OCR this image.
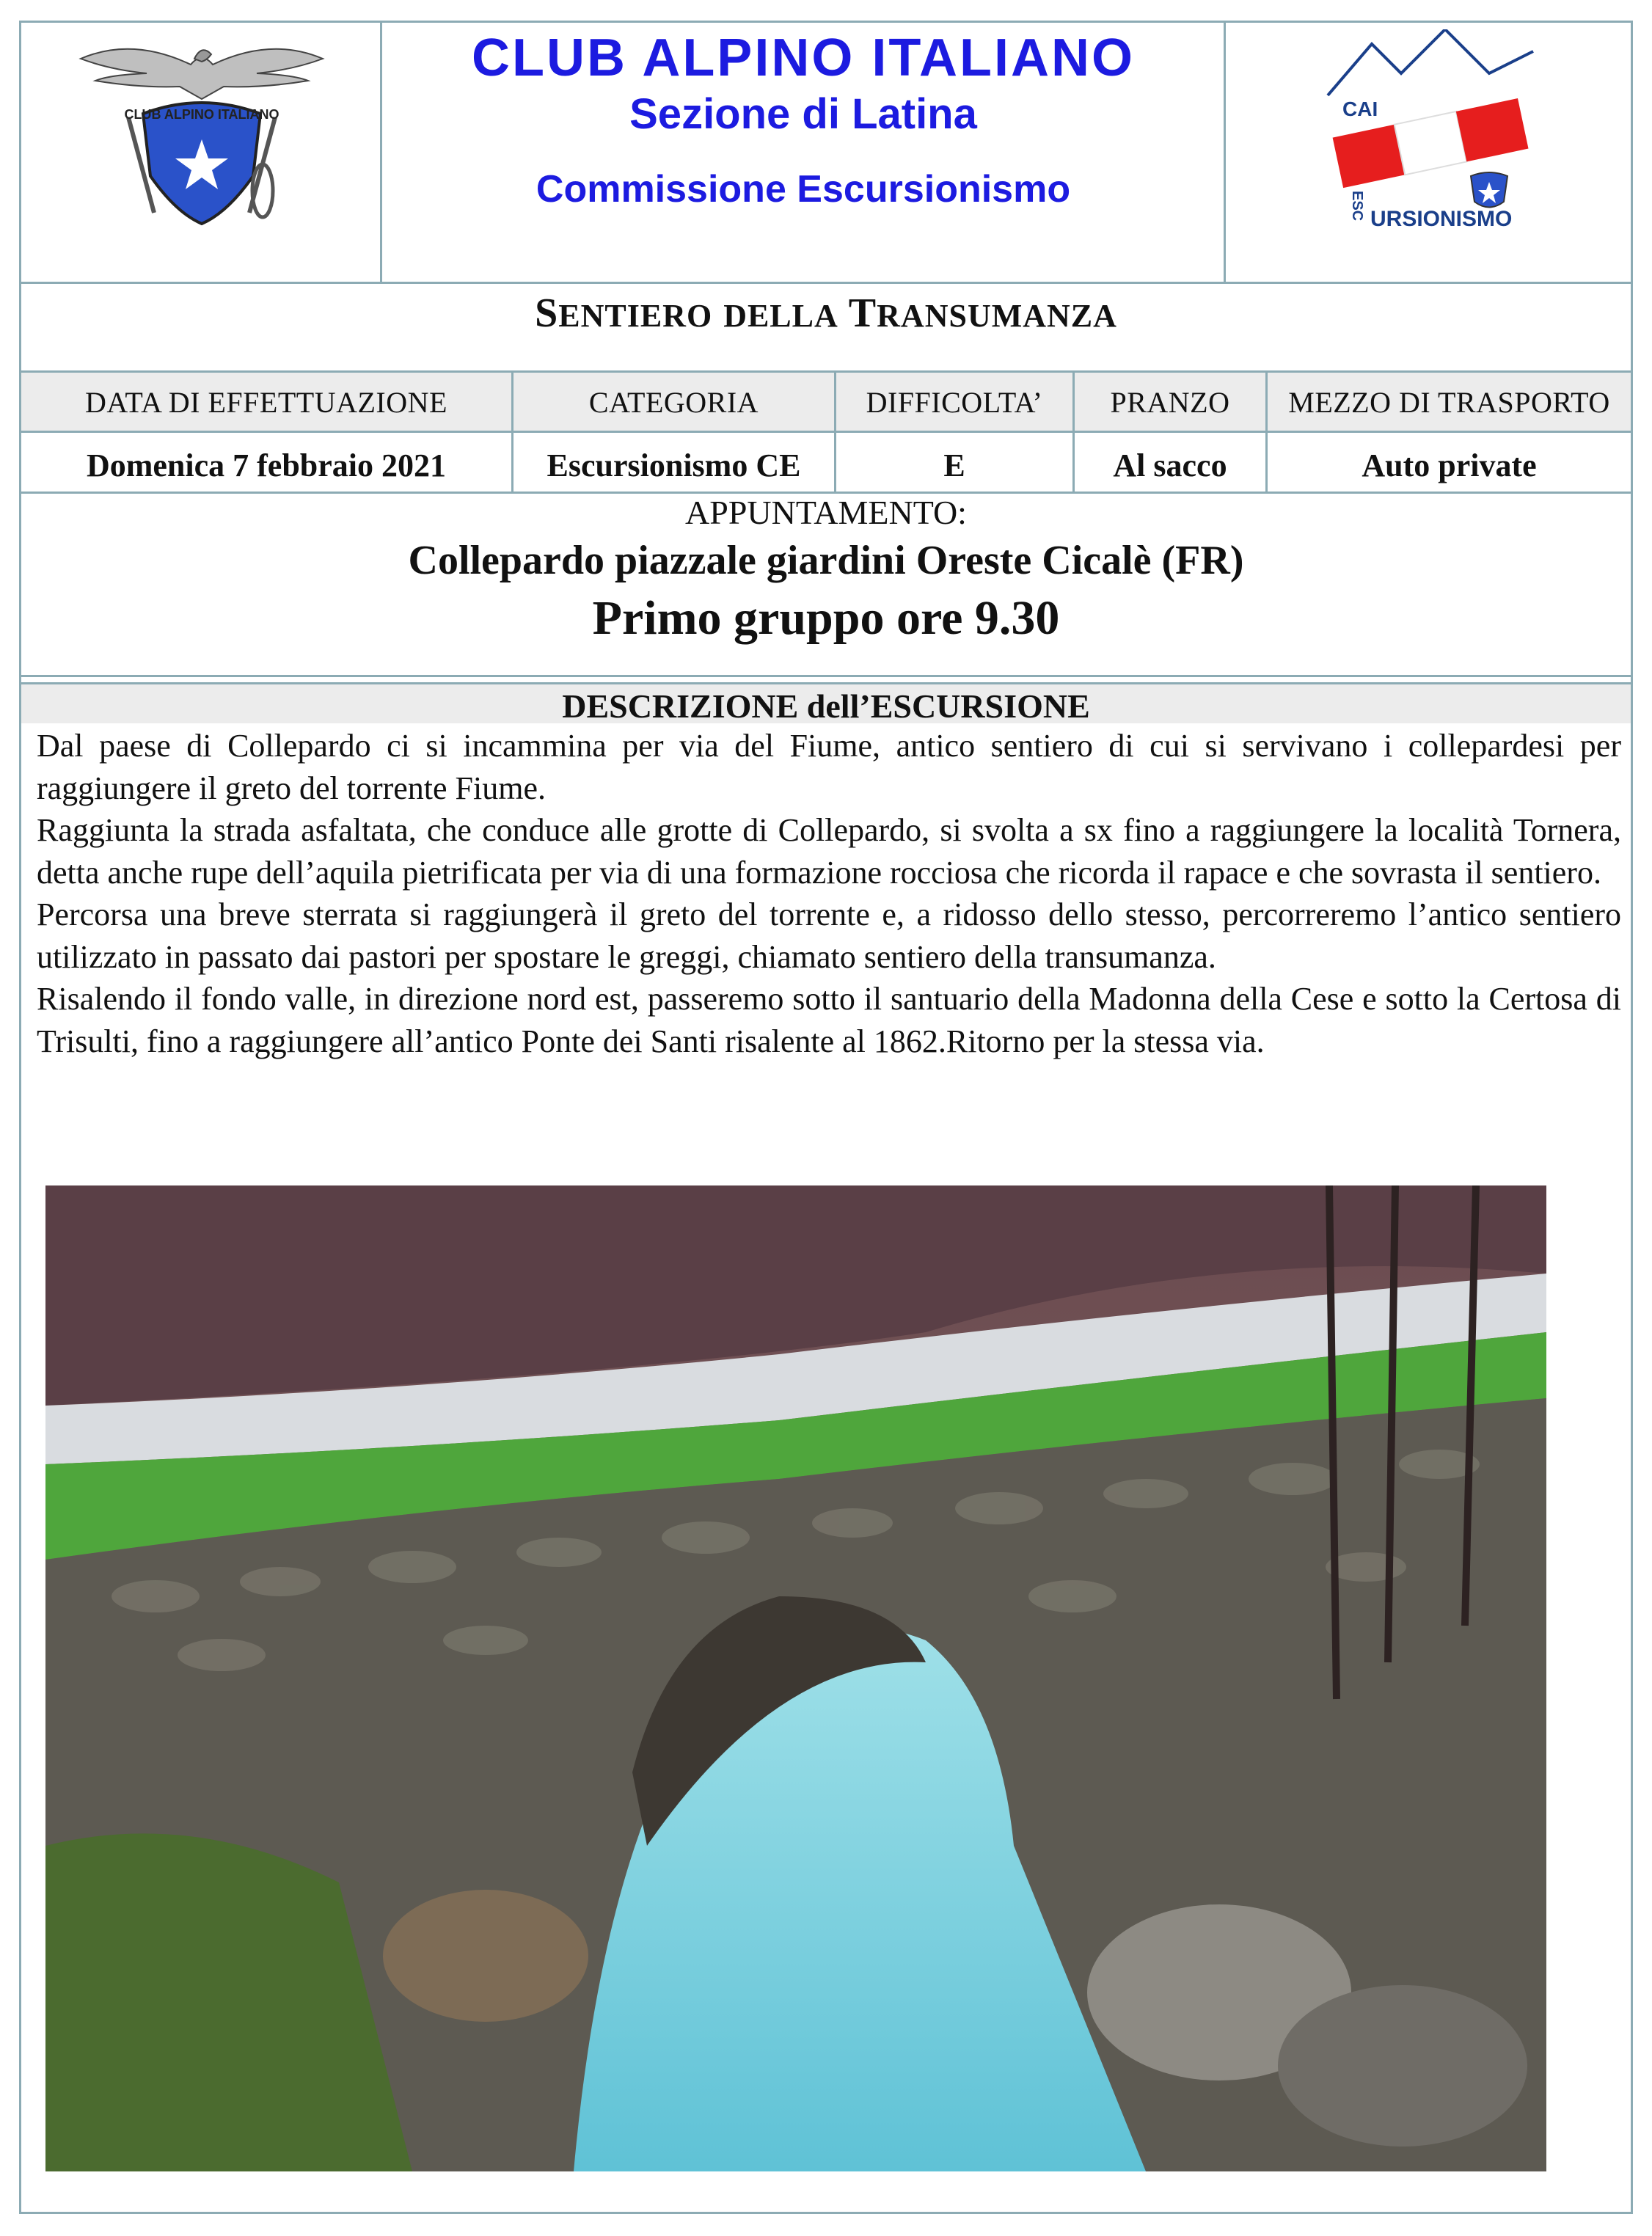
CLUB ALPINO ITALIANO
CLUB ALPINO ITALIANO
Sezione di Latina
Commissione Escursionismo
CAI
ESC URSIONISMO
SENTIERO DELLA TRANSUMANZA
DATA DI EFFETTUAZIONE	CATEGORIA	DIFFICOLTA’	PRANZO	MEZZO DI TRASPORTO
Domenica 7 febbraio 2021	Escursionismo CE	E	Al sacco	Auto private
APPUNTAMENTO:
Collepardo piazzale giardini Oreste Cicalè (FR)
Primo gruppo ore 9.30
DESCRIZIONE dell’ESCURSIONE

Dal paese di Collepardo ci si incammina per via del Fiume, antico sentiero di cui si servivano i collepardesi per raggiungere il greto del torrente Fiume.

Raggiunta la strada asfaltata, che conduce alle grotte di Collepardo, si svolta a sx fino a raggiungere la località Tornera, detta anche rupe dell’aquila pietrificata per via di una formazione rocciosa che ricorda il rapace e che sovrasta il sentiero.

Percorsa una breve sterrata si raggiungerà il greto del torrente e, a ridosso dello stesso, percorreremo l’antico sentiero utilizzato in passato dai pastori per spostare le greggi, chiamato sentiero della transumanza.

Risalendo il fondo valle, in direzione nord est, passeremo sotto il santuario della Madonna della Cese e sotto la Certosa di Trisulti, fino a raggiungere all’antico Ponte dei Santi risalente al 1862.Ritorno per la stessa via.
